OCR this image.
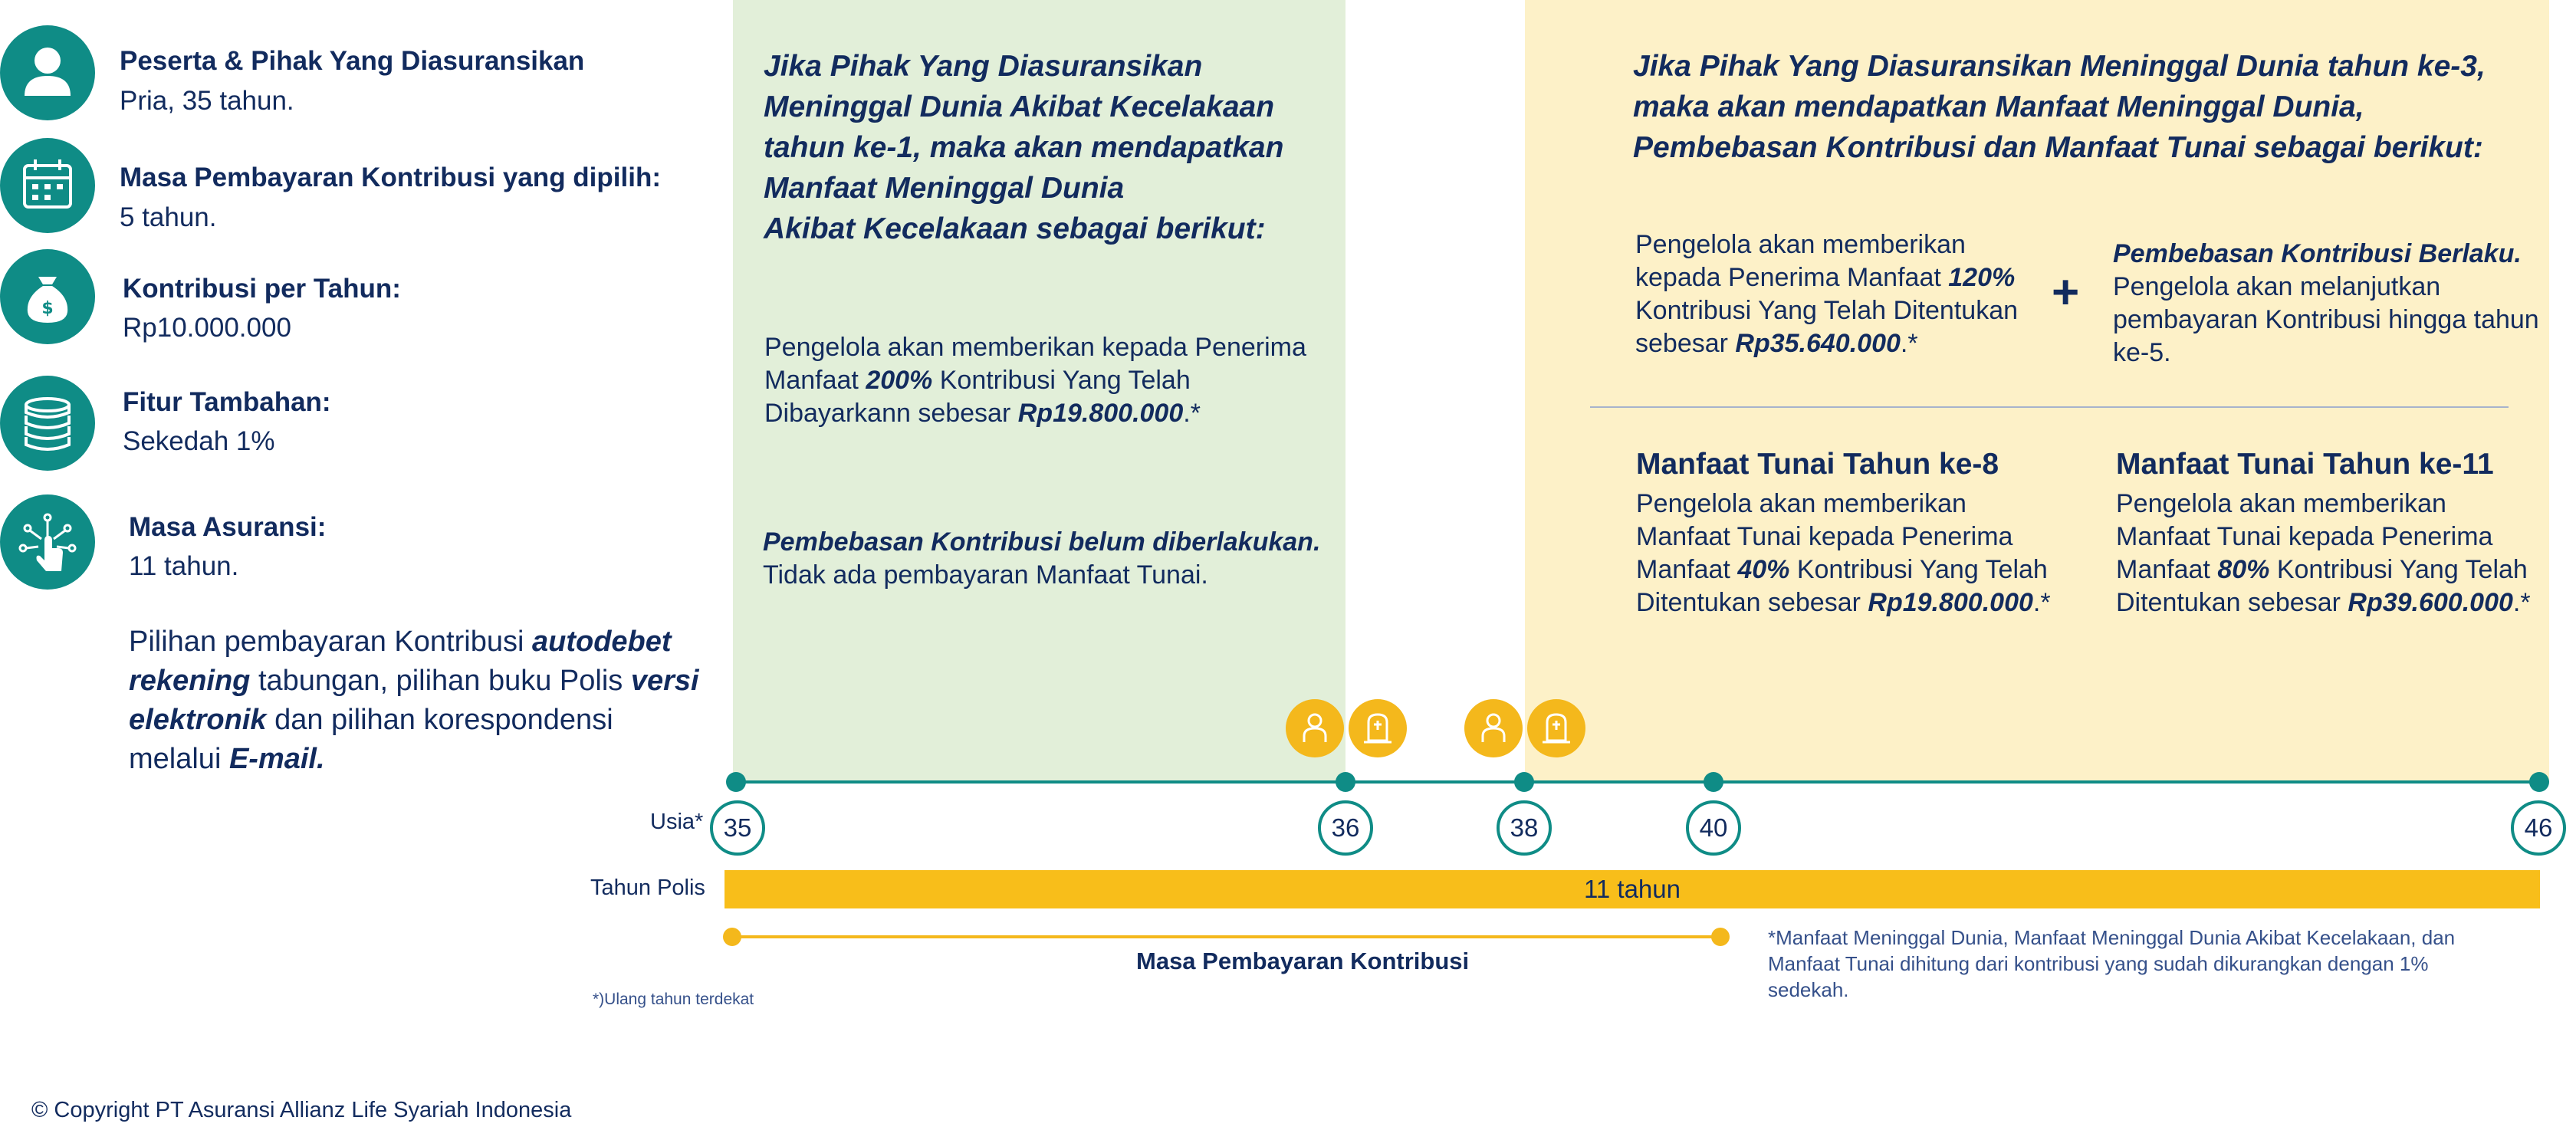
Peserta & Pihak Yang Diasuransikan
Pria, 35 tahun.
Masa Pembayaran Kontribusi yang dipilih:
5 tahun.
$
Kontribusi per Tahun:
Rp10.000.000
Fitur Tambahan:
Sekedah 1%
Masa Asuransi:
11 tahun.
Pilihan pembayaran Kontribusi autodebet rekening tabungan, pilihan buku Polis versi elektronik dan pilihan korespondensi melalui E-mail.
Jika Pihak Yang Diasuransikan
Meninggal Dunia Akibat Kecelakaan
tahun ke-1, maka akan mendapatkan
Manfaat Meninggal Dunia
Akibat Kecelakaan sebagai berikut:
Pengelola akan memberikan kepada Penerima Manfaat 200% Kontribusi Yang Telah Dibayarkann sebesar Rp19.800.000.*
Pembebasan Kontribusi belum diberlakukan.
Tidak ada pembayaran Manfaat Tunai.
Jika Pihak Yang Diasuransikan Meninggal Dunia tahun ke-3,
maka akan mendapatkan Manfaat Meninggal Dunia,
Pembebasan Kontribusi dan Manfaat Tunai sebagai berikut:
Pengelola akan memberikan kepada Penerima Manfaat 120% Kontribusi Yang Telah Ditentukan sebesar Rp35.640.000.*
+
Pembebasan Kontribusi Berlaku.
Pengelola akan melanjutkan pembayaran Kontribusi hingga tahun ke-5.
Manfaat Tunai Tahun ke-8
Pengelola akan memberikan Manfaat Tunai kepada Penerima Manfaat 40% Kontribusi Yang Telah Ditentukan sebesar Rp19.800.000.*
Manfaat Tunai Tahun ke-11
Pengelola akan memberikan Manfaat Tunai kepada Penerima Manfaat 80% Kontribusi Yang Telah Ditentukan sebesar Rp39.600.000.*
Usia* 35	36	38	40	46
Tahun Polis	11 tahun
Masa Pembayaran Kontribusi
*Manfaat Meninggal Dunia, Manfaat Meninggal Dunia Akibat Kecelakaan, dan Manfaat Tunai dihitung dari kontribusi yang sudah dikurangkan dengan 1% sedekah.
*)Ulang tahun terdekat
© Copyright PT Asuransi Allianz Life Syariah Indonesia
